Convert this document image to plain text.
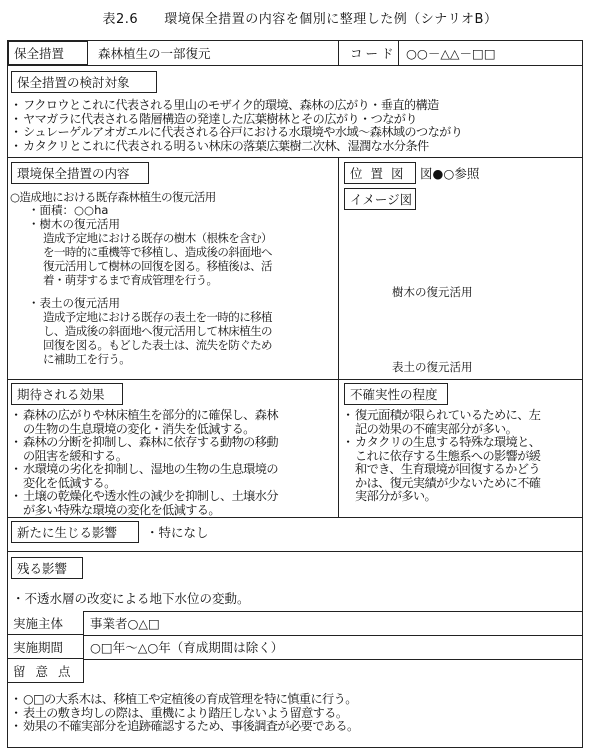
表2.6 環境保全措置の内容を個別に整理した例（シナリオB）
保全措置	森林植生の一部復元	コード ○○－△△－□□
保全措置の検討対象
・ フクロウとこれに代表される里山のモザイク的環境、森林の広がり・垂直的構造
・ ヤマガラに代表される階層構造の発達した広葉樹林とその広がり・つながり
・ シュレーゲルアオガエルに代表される谷戸における水環境や水域～森林域のつながり
・ カタクリとこれに代表される明るい林床の落葉広葉樹二次林、湿潤な水分条件
環境保全措置の内容
○造成地における既存森林植生の復元活用
・面積：○○ha
・樹木の復元活用
造成予定地における既存の樹木（根株を含む）
を一時的に重機等で移植し、造成後の斜面地へ
復元活用して樹林の回復を図る。移植後は、活
着・萌芽するまで育成管理を行う。
・表土の復元活用
造成予定地における既存の表土を一時的に移植
し、造成後の斜面地へ復元活用して林床植生の
回復を図る。もどした表土は、流失を防ぐため
に補助工を行う。
位 置 図	図●○参照
イメージ図
樹木の復元活用
表土の復元活用
期待される効果	不確実性の程度
・ 森林の広がりや林床植生を部分的に確保し、森林
の生物の生息環境の変化・消失を低減する。
・ 森林の分断を抑制し、森林に依存する動物の移動
の阻害を緩和する。
・ 水環境の劣化を抑制し、湿地の生物の生息環境の
変化を低減する。
・ 土壌の乾燥化や透水性の減少を抑制し、土壌水分
が多い特殊な環境の変化を低減する。
・ 復元面積が限られているために、左
記の効果の不確実部分が多い。
・ カタクリの生息する特殊な環境と、
これに依存する生態系への影響が緩
和でき、生育環境が回復するかどう
かは、復元実績が少ないために不確
実部分が多い。
新たに生じる影響	・特になし
残る影響
・不透水層の改変による地下水位の変動。
実施主体	事業者○△□
実施期間	○□年～△○年（育成期間は除く）
留 意 点
・ ○□の大系木は、移植工や定植後の育成管理を特に慎重に行う。
・ 表土の敷き均しの際は、重機により踏圧しないよう留意する。
・ 効果の不確実部分を追跡確認するため、事後調査が必要である。
